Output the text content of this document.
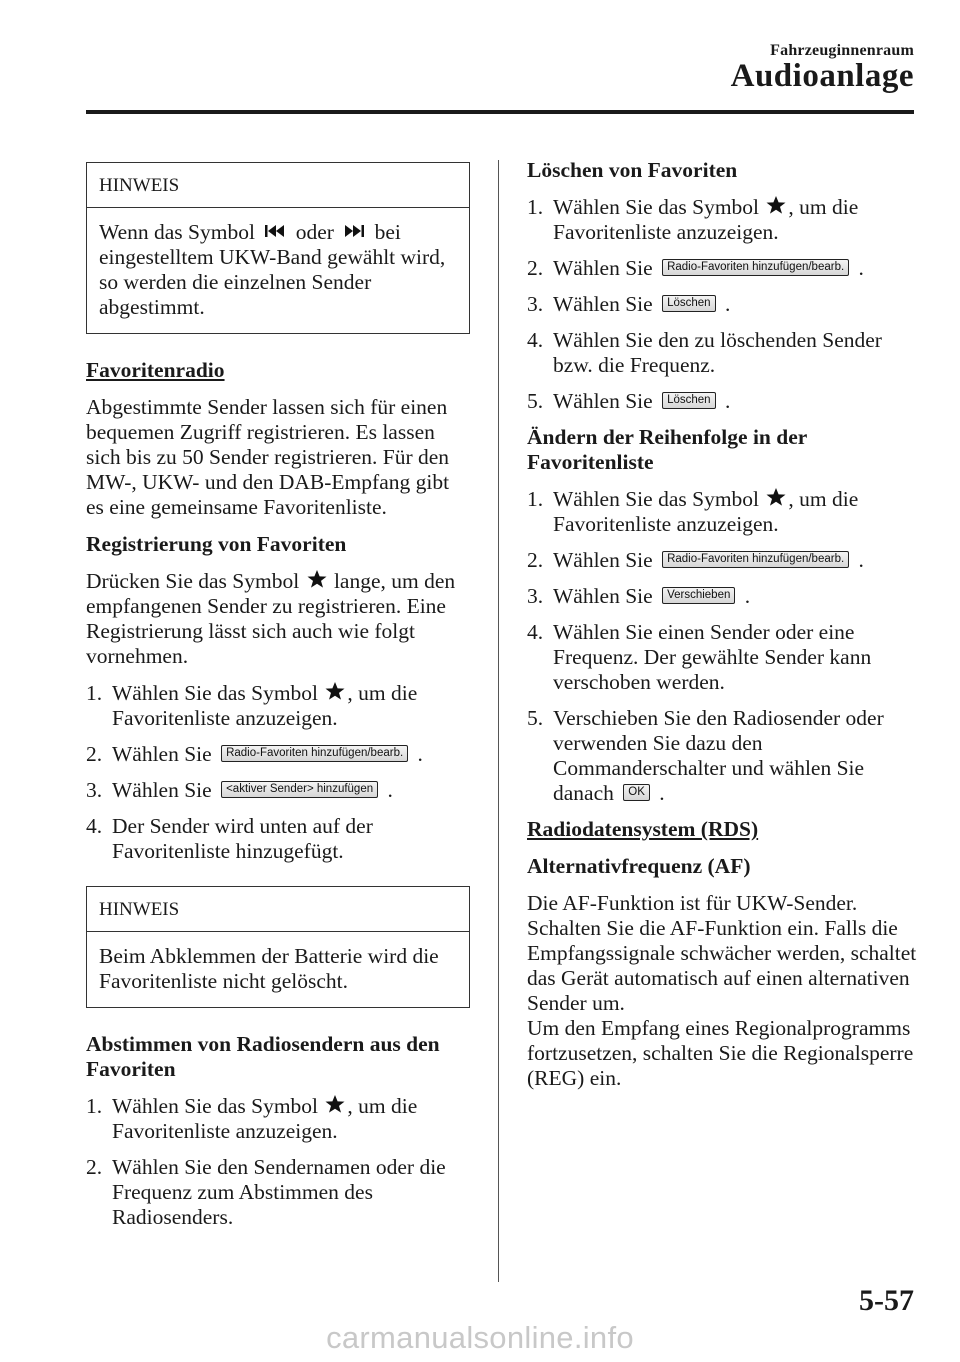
Fahrzeuginnenraum
Audioanlage
HINWEIS
Wenn das Symbol oder bei eingestelltem UKW-Band gewählt wird, so werden die einzelnen Sender abgestimmt.
Favoritenradio

Abgestimmte Sender lassen sich für einen bequemen Zugriff registrieren. Es lassen sich bis zu 50 Sender registrieren. Für den MW-, UKW- und den DAB-Empfang gibt es eine gemeinsame Favoritenliste.

Registrierung von Favoriten

Drücken Sie das Symbol lange, um den empfangenen Sender zu registrieren. Eine Registrierung lässt sich auch wie folgt vornehmen.

1. Wählen Sie das Symbol , um die Favoritenliste anzuzeigen.
2. Wählen Sie Radio-Favoriten hinzufügen/bearb. .
3. Wählen Sie <aktiver Sender> hinzufügen .
4. Der Sender wird unten auf der Favoritenliste hinzugefügt.
HINWEIS
Beim Abklemmen der Batterie wird die Favoritenliste nicht gelöscht.
Abstimmen von Radiosendern aus den Favoriten
1. Wählen Sie das Symbol , um die Favoritenliste anzuzeigen.
2. Wählen Sie den Sendernamen oder die Frequenz zum Abstimmen des Radiosenders.
Löschen von Favoriten
1. Wählen Sie das Symbol , um die Favoritenliste anzuzeigen.
2. Wählen Sie Radio-Favoriten hinzufügen/bearb. .
3. Wählen Sie Löschen .
4. Wählen Sie den zu löschenden Sender bzw. die Frequenz.
5. Wählen Sie Löschen .
Ändern der Reihenfolge in der Favoritenliste
1. Wählen Sie das Symbol , um die Favoritenliste anzuzeigen.
2. Wählen Sie Radio-Favoriten hinzufügen/bearb. .
3. Wählen Sie Verschieben .
4. Wählen Sie einen Sender oder eine Frequenz. Der gewählte Sender kann verschoben werden.
5. Verschieben Sie den Radiosender oder verwenden Sie dazu den Commanderschalter und wählen Sie danach OK .
Radiodatensystem (RDS)
Alternativfrequenz (AF)

Die AF-Funktion ist für UKW-Sender. Schalten Sie die AF-Funktion ein. Falls die Empfangssignale schwächer werden, schaltet das Gerät automatisch auf einen alternativen Sender um.

Um den Empfang eines Regionalprogramms fortzusetzen, schalten Sie die Regionalsperre (REG) ein.

5-57
carmanualsonline.info
